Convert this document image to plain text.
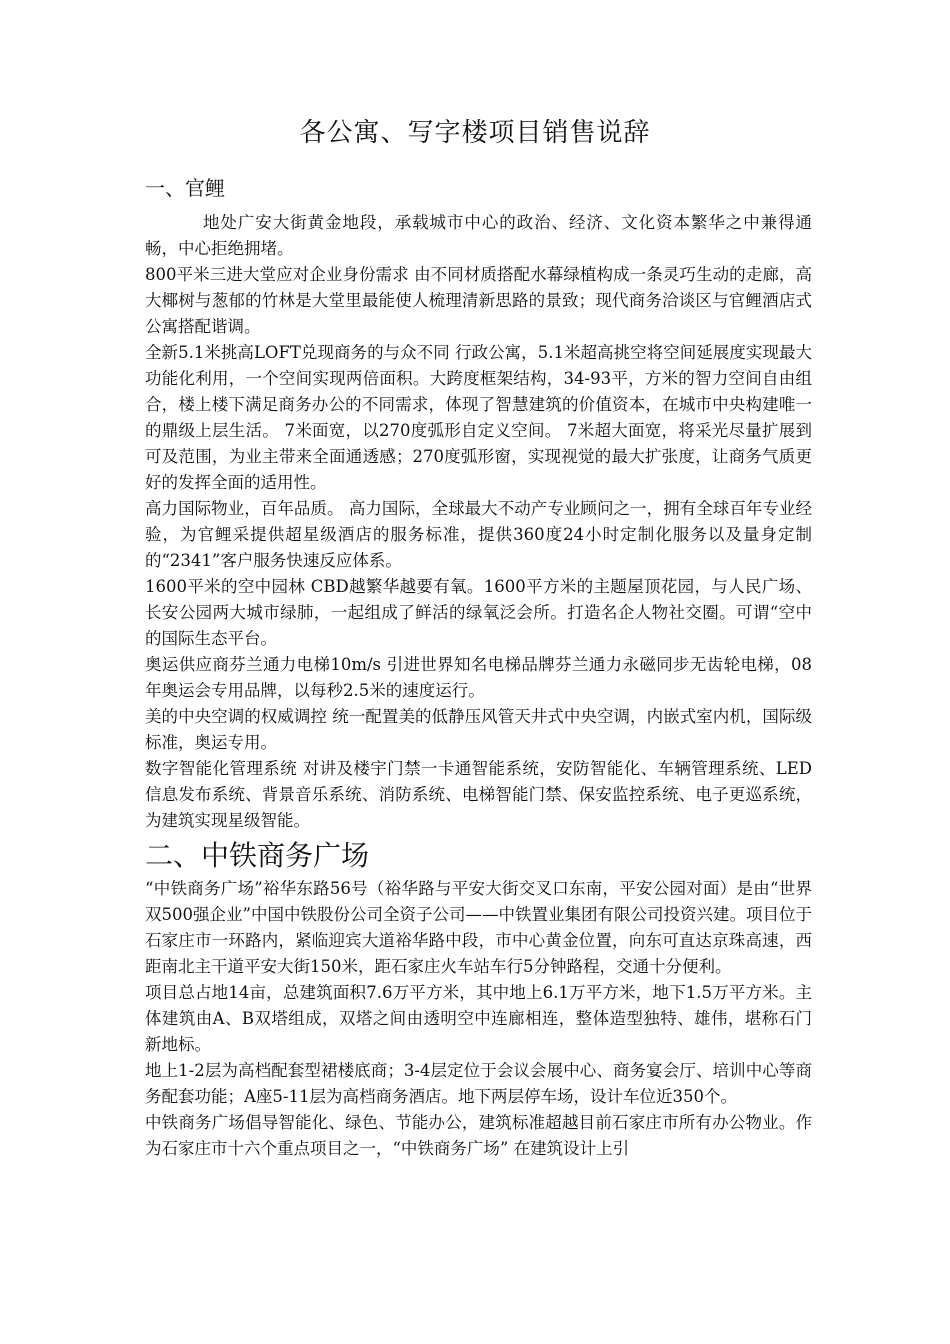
各公寓、写字楼项目销售说辞
一、官鲤

地处广安大街黄金地段，承载城市中心的政治、经济、文化资本繁华之中兼得通畅，中心拒绝拥堵。

800平米三进大堂应对企业身份需求 由不同材质搭配水幕绿植构成一条灵巧生动的走廊，高大椰树与葱郁的竹林是大堂里最能使人梳理清新思路的景致；现代商务洽谈区与官鲤酒店式公寓搭配谐调。

全新5.1米挑高LOFT兑现商务的与众不同 行政公寓，5.1米超高挑空将空间延展度实现最大功能化利用，一个空间实现两倍面积。大跨度框架结构，34-93平，方米的智力空间自由组合，楼上楼下满足商务办公的不同需求，体现了智慧建筑的价值资本，在城市中央构建唯一的鼎级上层生活。 7米面宽，以270度弧形自定义空间。 7米超大面宽，将采光尽量扩展到可及范围，为业主带来全面通透感；270度弧形窗，实现视觉的最大扩张度，让商务气质更好的发挥全面的适用性。

高力国际物业，百年品质。 高力国际，全球最大不动产专业顾问之一，拥有全球百年专业经验，为官鲤采提供超星级酒店的服务标准，提供360度24小时定制化服务以及量身定制的“2341”客户服务快速反应体系。

1600平米的空中园林 CBD越繁华越要有氧。1600平方米的主题屋顶花园，与人民广场、长安公园两大城市绿肺，一起组成了鲜活的绿氧泛会所。打造名企人物社交圈。可谓“空中的国际生态平台。

奥运供应商芬兰通力电梯10m/s 引进世界知名电梯品牌芬兰通力永磁同步无齿轮电梯，08年奥运会专用品牌，以每秒2.5米的速度运行。

美的中央空调的权威调控 统一配置美的低静压风管天井式中央空调，内嵌式室内机，国际级标准，奥运专用。

数字智能化管理系统 对讲及楼宇门禁一卡通智能系统，安防智能化、车辆管理系统、LED信息发布系统、背景音乐系统、消防系统、电梯智能门禁、保安监控系统、电子更巡系统，为建筑实现星级智能。

二、中铁商务广场

“中铁商务广场”裕华东路56号（裕华路与平安大街交叉口东南，平安公园对面）是由“世界双500强企业”中国中铁股份公司全资子公司——中铁置业集团有限公司投资兴建。项目位于石家庄市一环路内，紧临迎宾大道裕华路中段，市中心黄金位置，向东可直达京珠高速，西距南北主干道平安大街150米，距石家庄火车站车行5分钟路程，交通十分便利。

项目总占地14亩，总建筑面积7.6万平方米，其中地上6.1万平方米，地下1.5万平方米。主体建筑由A、B双塔组成，双塔之间由透明空中连廊相连，整体造型独特、雄伟，堪称石门新地标。

地上1-2层为高档配套型裙楼底商；3-4层定位于会议会展中心、商务宴会厅、培训中心等商务配套功能；A座5-11层为高档商务酒店。地下两层停车场，设计车位近350个。

中铁商务广场倡导智能化、绿色、节能办公，建筑标准超越目前石家庄市所有办公物业。作为石家庄市十六个重点项目之一，“中铁商务广场” 在建筑设计上引
